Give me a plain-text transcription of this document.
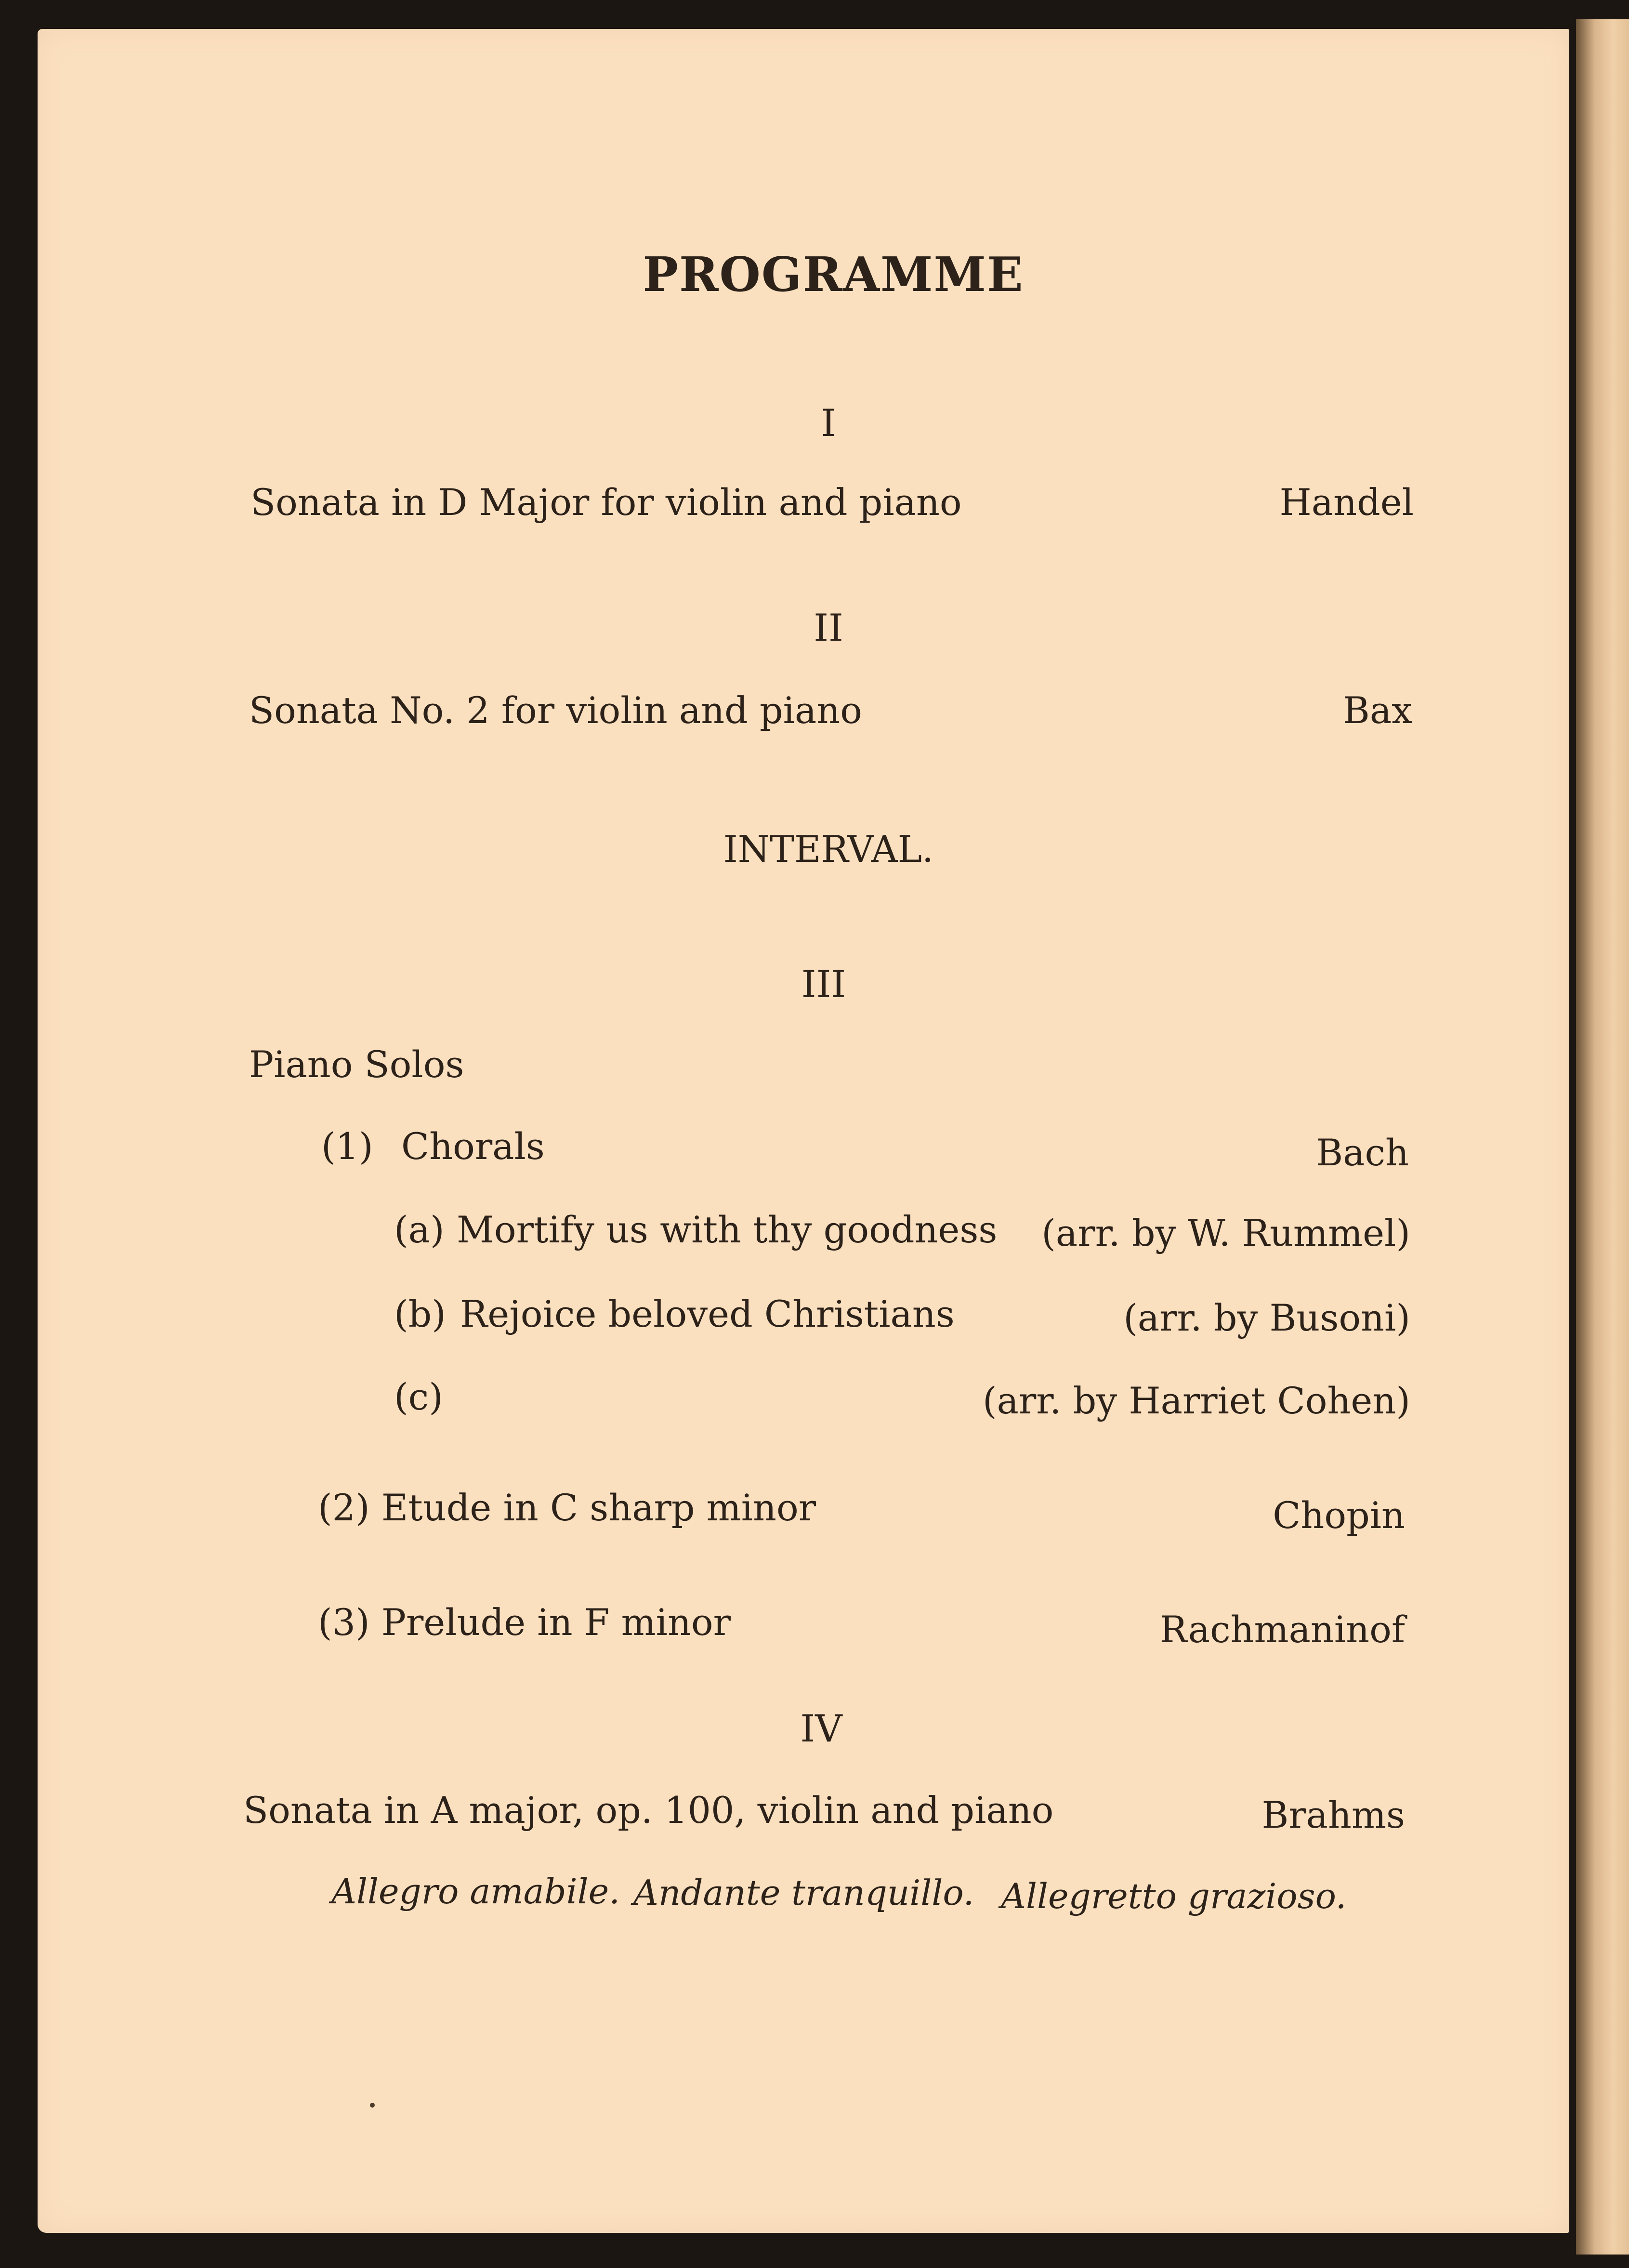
PROGRAMME
I
Sonata in D Major for violin and piano	Handel
II
Sonata No. 2 for violin and piano	Bax
INTERVAL.
III
Piano Solos
(1) Chorals	Bach
(a) Mortify us with thy goodness	(arr. by W. Rummel)
(b) Rejoice beloved Christians	(arr. by Busoni)
(c)	(arr. by Harriet Cohen)
(2) Etude in C sharp minor	Chopin
(3) Prelude in F minor	Rachmaninof
IV
Sonata in A major, op. 100, violin and piano	Brahms
Allegro amabile. Andante tranquillo. Allegretto grazioso.
